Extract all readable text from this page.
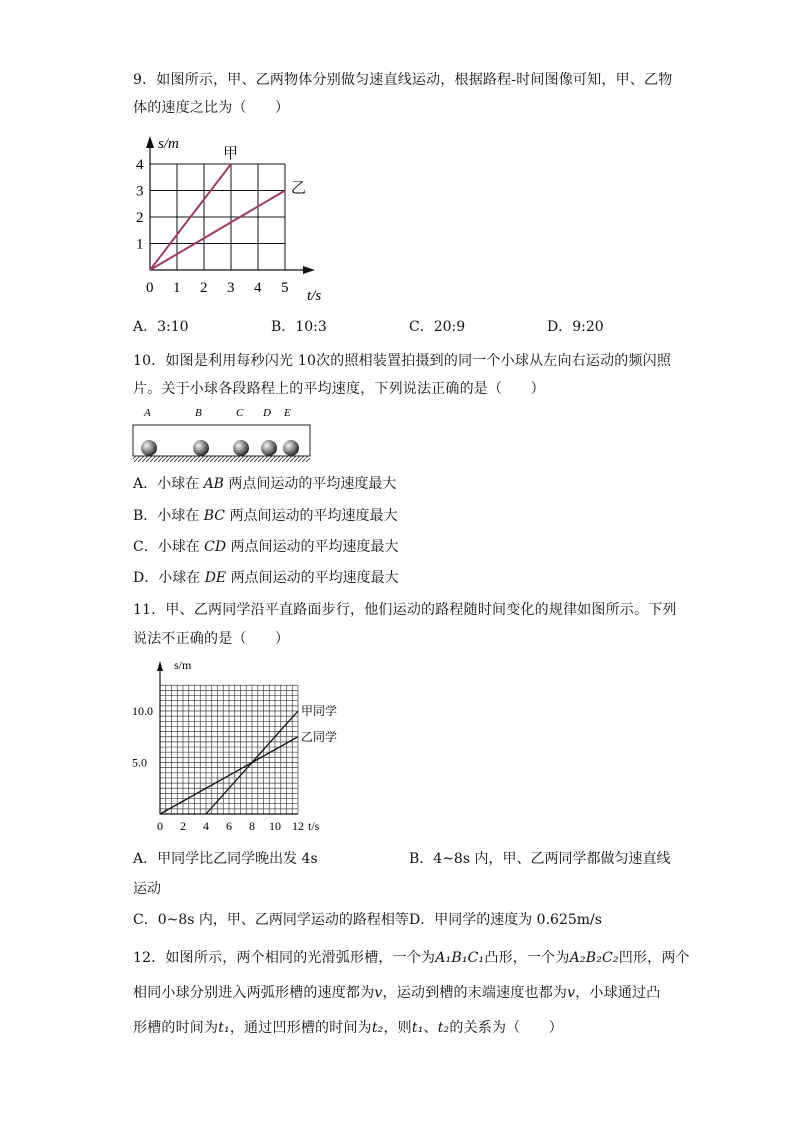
9．如图所示，甲、乙两物体分别做匀速直线运动，根据路程-时间图像可知，甲、乙物
体的速度之比为（　　）
1
2
3
4
0 1 2 3 4 5
s/m
t/s
甲
乙
A．3:10	B．10:3	C．20:9	D．9:20
10．如图是利用每秒闪光 10次的照相装置拍摄到的同一个小球从左向右运动的频闪照
片。关于小球各段路程上的平均速度，下列说法正确的是（　　）
A	B	C D E
A．小球在 AB 两点间运动的平均速度最大
B．小球在 BC 两点间运动的平均速度最大
C．小球在 CD 两点间运动的平均速度最大
D．小球在 DE 两点间运动的平均速度最大
11．甲、乙两同学沿平直路面步行，他们运动的路程随时间变化的规律如图所示。下列
说法不正确的是（　　）
5.0
10.0
0 2 4 6 8 10 12
s/m
t/s
甲同学
乙同学
A．甲同学比乙同学晚出发 4s	B．4~8s 内，甲、乙两同学都做匀速直线
运动
C．0~8s 内，甲、乙两同学运动的路程相等 D．甲同学的速度为 0.625m/s
12．如图所示，两个相同的光滑弧形槽，一个为A₁B₁C₁凸形，一个为A₂B₂C₂凹形，两个
相同小球分别进入两弧形槽的速度都为v，运动到槽的末端速度也都为v，小球通过凸
形槽的时间为t₁，通过凹形槽的时间为t₂，则t₁、t₂的关系为（　　）
